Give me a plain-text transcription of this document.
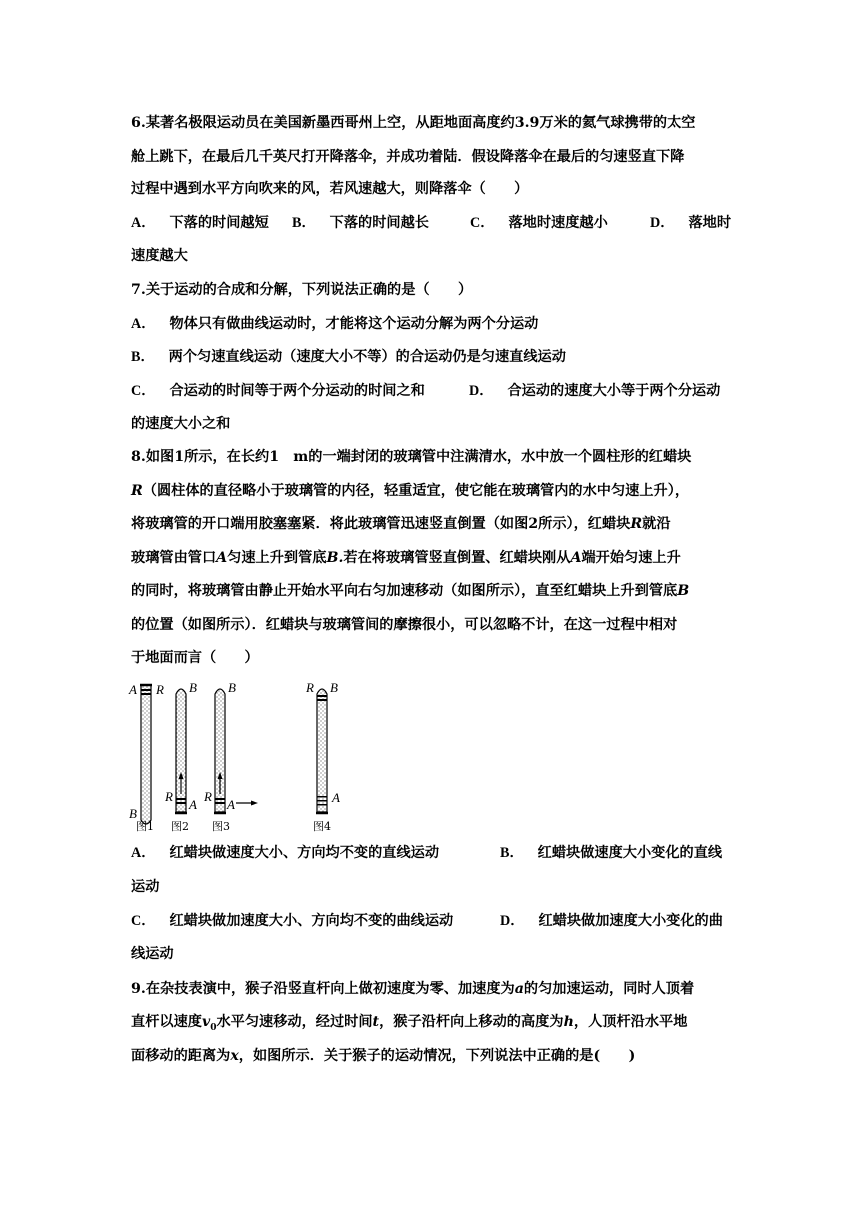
6.某著名极限运动员在美国新墨西哥州上空，从距地面高度约3.9万米的氦气球携带的太空
舱上跳下，在最后几千英尺打开降落伞，并成功着陆．假设降落伞在最后的匀速竖直下降
过程中遇到水平方向吹来的风，若风速越大，则降落伞（　　）
A． 下落的时间越短 B． 下落的时间越长	C． 落地时速度越小	D． 落地时
速度越大
7.关于运动的合成和分解，下列说法正确的是（　　）
A． 物体只有做曲线运动时，才能将这个运动分解为两个分运动
B． 两个匀速直线运动（速度大小不等）的合运动仍是匀速直线运动
C． 合运动的时间等于两个分运动的时间之和	D． 合运动的速度大小等于两个分运动
的速度大小之和
8.如图1所示，在长约1　m的一端封闭的玻璃管中注满清水，水中放一个圆柱形的红蜡块
R（圆柱体的直径略小于玻璃管的内径，轻重适宜，使它能在玻璃管内的水中匀速上升），
将玻璃管的开口端用胶塞塞紧．将此玻璃管迅速竖直倒置（如图2所示），红蜡块R就沿
玻璃管由管口A匀速上升到管底B.若在将玻璃管竖直倒置、红蜡块刚从A端开始匀速上升
的同时，将玻璃管由静止开始水平向右匀加速移动（如图所示），直至红蜡块上升到管底B
的位置（如图所示）．红蜡块与玻璃管间的摩擦很小，可以忽略不计，在这一过程中相对
于地面而言（　　）
A R
B
图1
B
R
A
图2
B
R
A
图3
R B
A
图4
A． 红蜡块做速度大小、方向均不变的直线运动	B． 红蜡块做速度大小变化的直线
运动
C． 红蜡块做加速度大小、方向均不变的曲线运动	D． 红蜡块做加速度大小变化的曲
线运动
9.在杂技表演中，猴子沿竖直杆向上做初速度为零、加速度为a的匀加速运动，同时人顶着
直杆以速度$v_0$水平匀速移动，经过时间t，猴子沿杆向上移动的高度为h，人顶杆沿水平地
面移动的距离为x，如图所示．关于猴子的运动情况，下列说法中正确的是(　　)
